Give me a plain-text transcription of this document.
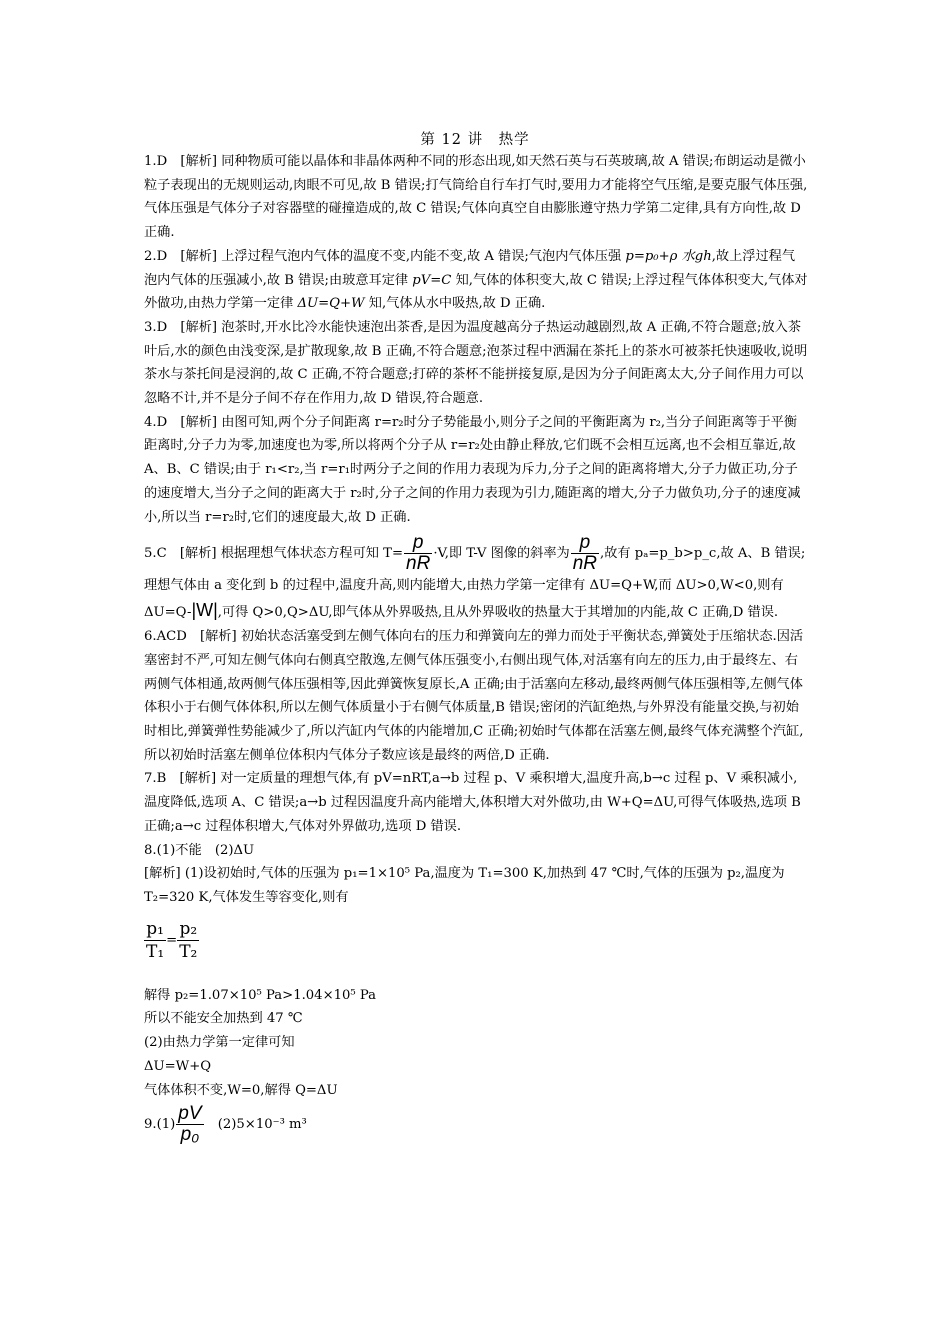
第 12 讲　热学

1.D　[解析] 同种物质可能以晶体和非晶体两种不同的形态出现,如天然石英与石英玻璃,故 A 错误;布朗运动是微小粒子表现出的无规则运动,肉眼不可见,故 B 错误;打气筒给自行车打气时,要用力才能将空气压缩,是要克服气体压强,气体压强是气体分子对容器壁的碰撞造成的,故 C 错误;气体向真空自由膨胀遵守热力学第二定律,具有方向性,故 D 正确.

2.D　[解析] 上浮过程气泡内气体的温度不变,内能不变,故 A 错误;气泡内气体压强 p=p₀+ρ 水gh,故上浮过程气泡内气体的压强减小,故 B 错误;由玻意耳定律 pV=C 知,气体的体积变大,故 C 错误;上浮过程气体体积变大,气体对外做功,由热力学第一定律 ΔU=Q+W 知,气体从水中吸热,故 D 正确.

3.D　[解析] 泡茶时,开水比冷水能快速泡出茶香,是因为温度越高分子热运动越剧烈,故 A 正确,不符合题意;放入茶叶后,水的颜色由浅变深,是扩散现象,故 B 正确,不符合题意;泡茶过程中洒漏在茶托上的茶水可被茶托快速吸收,说明茶水与茶托间是浸润的,故 C 正确,不符合题意;打碎的茶杯不能拼接复原,是因为分子间距离太大,分子间作用力可以忽略不计,并不是分子间不存在作用力,故 D 错误,符合题意.

4.D　[解析] 由图可知,两个分子间距离 r=r₂时分子势能最小,则分子之间的平衡距离为 r₂,当分子间距离等于平衡距离时,分子力为零,加速度也为零,所以将两个分子从 r=r₂处由静止释放,它们既不会相互远离,也不会相互靠近,故 A、B、C 错误;由于 r₁<r₂,当 r=r₁时两分子之间的作用力表现为斥力,分子之间的距离将增大,分子力做正功,分子的速度增大,当分子之间的距离大于 r₂时,分子之间的作用力表现为引力,随距离的增大,分子力做负功,分子的速度减小,所以当 r=r₂时,它们的速度最大,故 D 正确.

5.C　[解析] 根据理想气体状态方程可知 $T= \frac{p}{nR} \cdot V$,即 T-V 图像的斜率为 $\frac{p}{nR}$ ,故有 pₐ=p_b>p_c,故 A、B 错误;理想气体由 a 变化到 b 的过程中,温度升高,则内能增大,由热力学第一定律有 ΔU=Q+W,而 ΔU>0,W<0,则有
ΔU=Q-|W|,可得 Q>0,Q>ΔU,即气体从外界吸热,且从外界吸收的热量大于其增加的内能,故 C 正确,D 错误.

6.ACD　[解析] 初始状态活塞受到左侧气体向右的压力和弹簧向左的弹力而处于平衡状态,弹簧处于压缩状态.因活塞密封不严,可知左侧气体向右侧真空散逸,左侧气体压强变小,右侧出现气体,对活塞有向左的压力,由于最终左、右两侧气体相通,故两侧气体压强相等,因此弹簧恢复原长,A 正确;由于活塞向左移动,最终两侧气体压强相等,左侧气体体积小于右侧气体体积,所以左侧气体质量小于右侧气体质量,B 错误;密闭的汽缸绝热,与外界没有能量交换,与初始时相比,弹簧弹性势能减少了,所以汽缸内气体的内能增加,C 正确;初始时气体都在活塞左侧,最终气体充满整个汽缸,所以初始时活塞左侧单位体积内气体分子数应该是最终的两倍,D 正确.

7.B　[解析] 对一定质量的理想气体,有 pV=nRT,a→b 过程 p、V 乘积增大,温度升高,b→c 过程 p、V 乘积减小,温度降低,选项 A、C 错误;a→b 过程因温度升高内能增大,体积增大对外做功,由 W+Q=ΔU,可得气体吸热,选项 B 正确;a→c 过程体积增大,气体对外界做功,选项 D 错误.

8.(1)不能　(2)ΔU

[解析] (1)设初始时,气体的压强为 p₁=1×10⁵ Pa,温度为 T₁=300 K,加热到 47 ℃时,气体的压强为 p₂,温度为 T₂=320 K,气体发生等容变化,则有

$\frac{\text{p₁}}{\text{T₁}} = \frac{\text{p₂}}{\text{T₂}}$

解得 p₂=1.07×10⁵ Pa>1.04×10⁵ Pa

所以不能安全加热到 47 ℃

(2)由热力学第一定律可知

ΔU=W+Q

气体体积不变,W=0,解得 Q=ΔU

$9.(1) \frac{pV}{\text{p₀}}$ 　(2)5×10⁻³ m³
